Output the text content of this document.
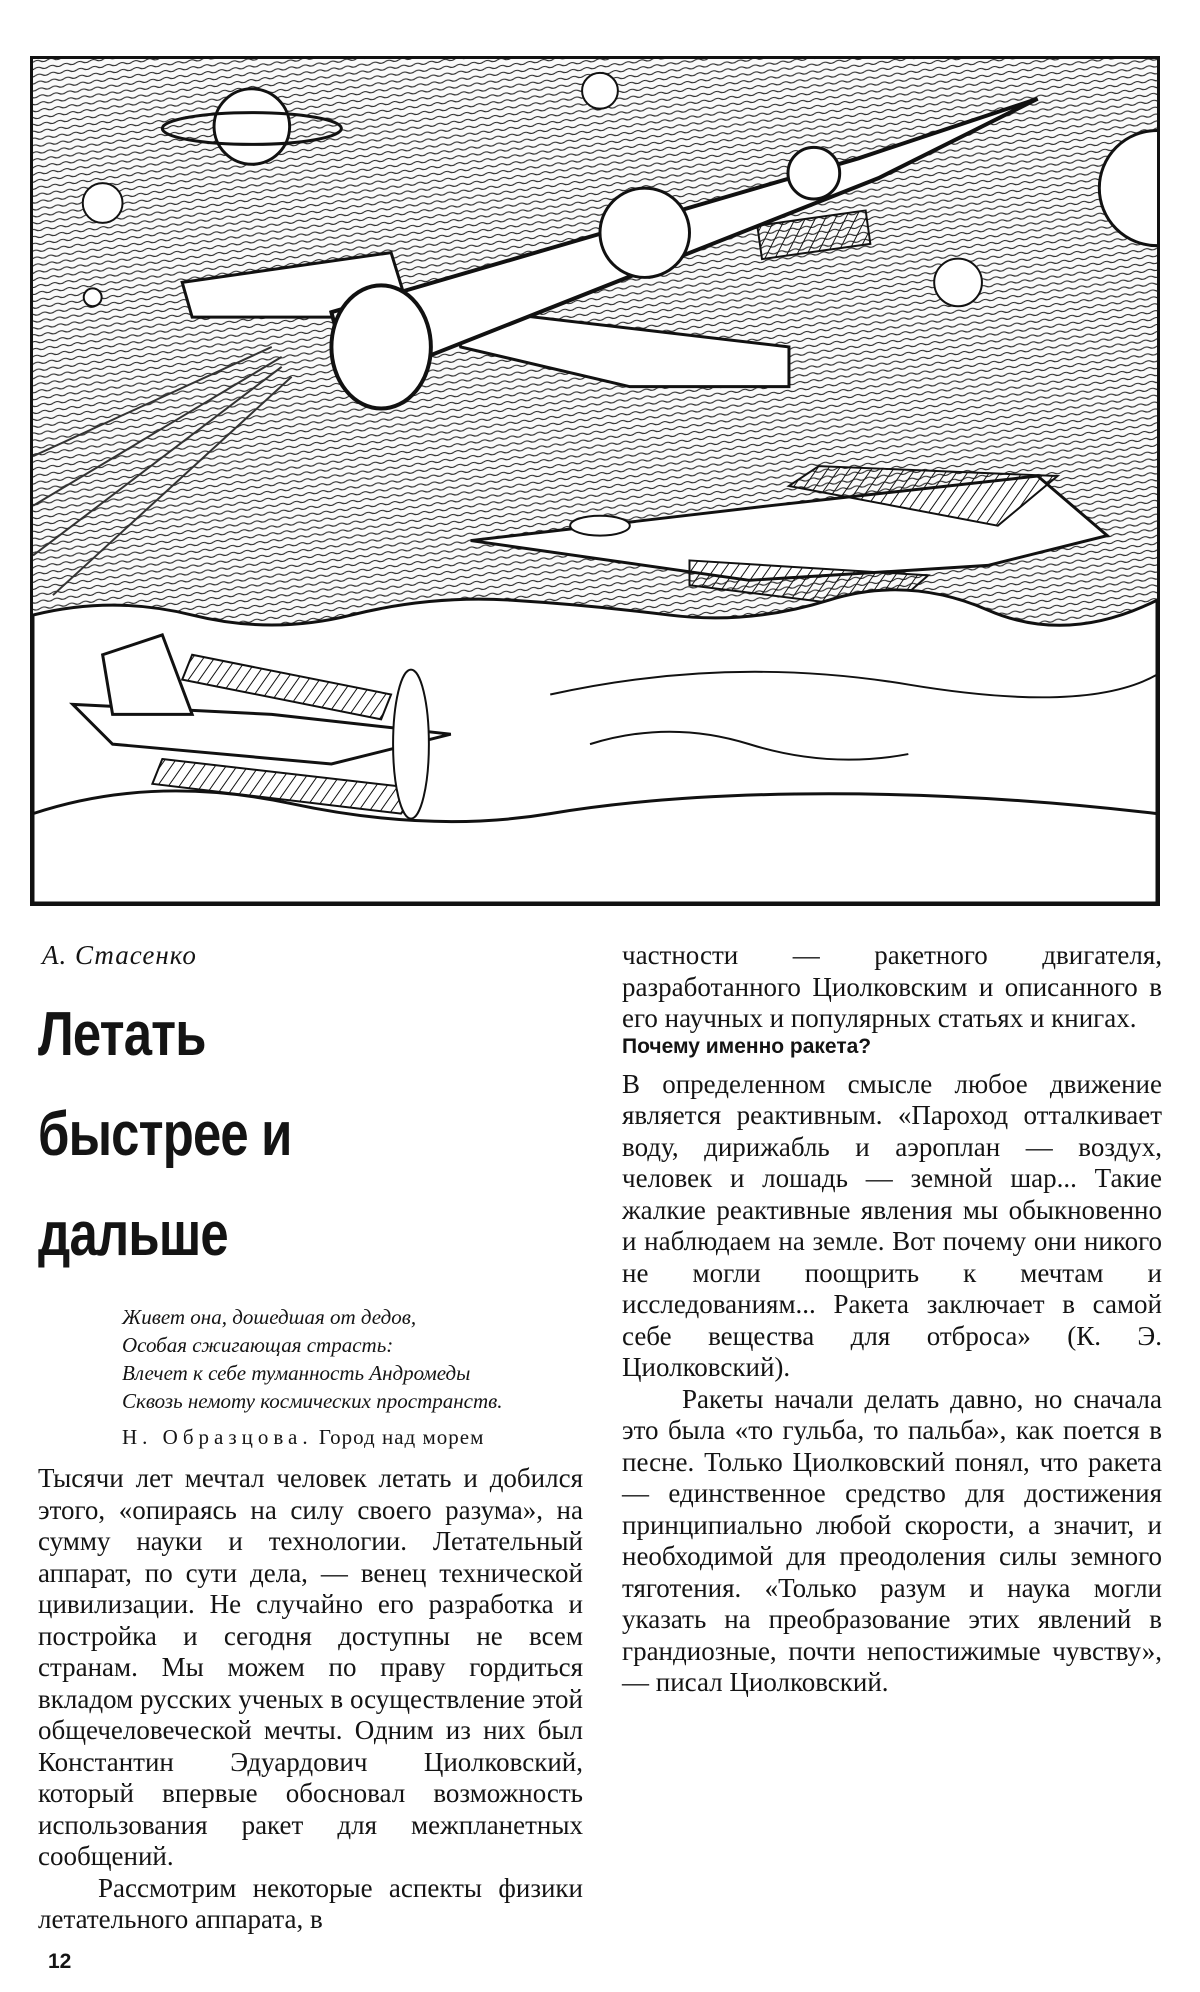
А. Стасенко
Летать
быстрее и дальше
Живет она, дошедшая от дедов,
Особая сжигающая страсть:
Влечет к себе туманность Андромеды
Сквозь немоту космических пространств.
Н. Образцова. Город над морем

Тысячи лет мечтал человек летать и добился этого, «опираясь на силу своего разума», на сумму науки и технологии. Летательный аппарат, по сути дела, — венец технической цивилизации. Не случайно его разработка и постройка и сегодня доступны не всем странам. Мы можем по праву гордиться вкладом русских ученых в осуществление этой общечеловеческой мечты. Одним из них был Константин Эдуардович Циолковский, который впервые обосновал возможность использования ракет для межпланетных сообщений.

Рассмотрим некоторые аспекты физики летательного аппарата, в

частности — ракетного двигателя, разработанного Циолковским и описанного в его научных и популярных статьях и книгах.

Почему именно ракета?

В определенном смысле любое движение является реактивным. «Пароход отталкивает воду, дирижабль и аэроплан — воздух, человек и лошадь — земной шар... Такие жалкие реактивные явления мы обыкновенно и наблюдаем на земле. Вот почему они никого не могли поощрить к мечтам и исследованиям... Ракета заключает в самой себе вещества для отброса» (К. Э. Циолковский).

Ракеты начали делать давно, но сначала это была «то гульба, то пальба», как поется в песне. Только Циолковский понял, что ракета — единственное средство для достижения принципиально любой скорости, а значит, и необходимой для преодоления силы земного тяготения. «Только разум и наука могли указать на преобразование этих явлений в грандиозные, почти непостижимые чувству», — писал Циолковский.

12
